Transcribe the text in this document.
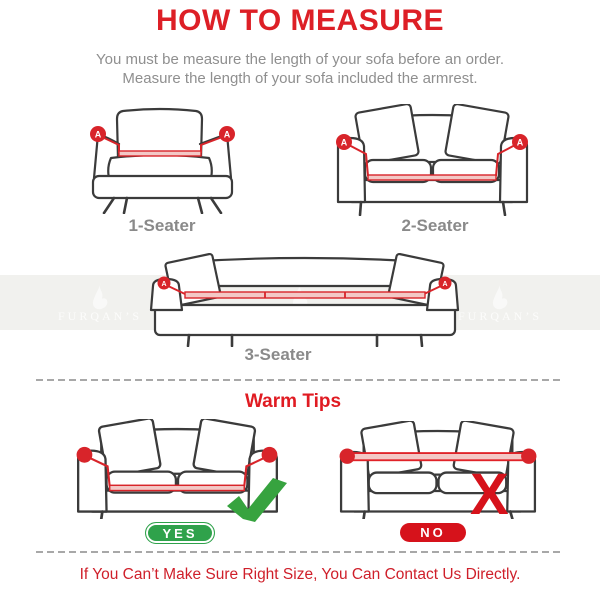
FURQAN’S	FURQAN’S
HOW TO MEASURE
You must be measure the length of your sofa before an order.
Measure the length of your sofa included the armrest.
A	A
1-Seater
A	A
2-Seater
A	A
3-Seater
Warm Tips
YES
X
NO
If You Can’t Make Sure Right Size, You Can Contact Us Directly.
